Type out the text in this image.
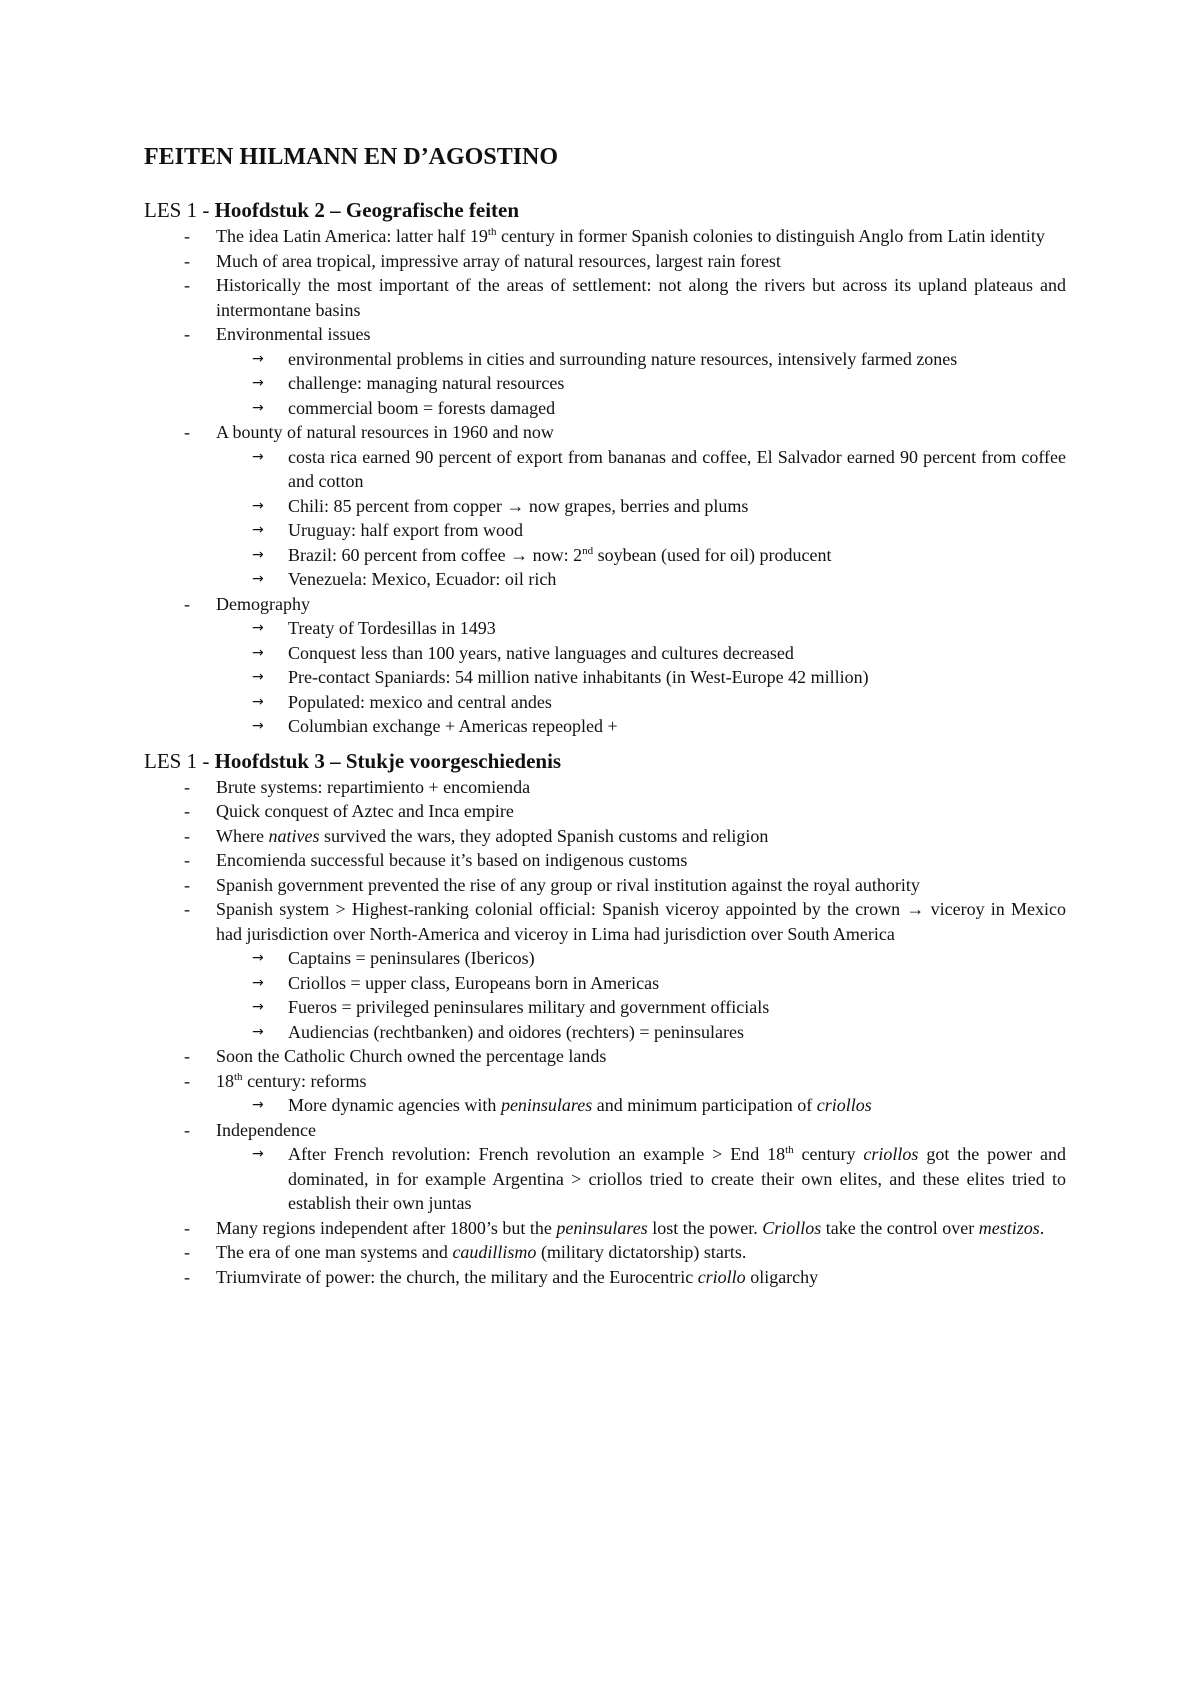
FEITEN HILMANN EN D’AGOSTINO
LES 1 - Hoofdstuk 2 – Geografische feiten
- The idea Latin America: latter half 19th century in former Spanish colonies to distinguish Anglo from Latin identity
- Much of area tropical, impressive array of natural resources, largest rain forest
- Historically the most important of the areas of settlement: not along the rivers but across its upland plateaus and intermontane basins
- Environmental issues
→ environmental problems in cities and surrounding nature resources, intensively farmed zones
→ challenge: managing natural resources
→ commercial boom = forests damaged
- A bounty of natural resources in 1960 and now
→ costa rica earned 90 percent of export from bananas and coffee, El Salvador earned 90 percent from coffee and cotton
→ Chili: 85 percent from copper → now grapes, berries and plums
→ Uruguay: half export from wood
→ Brazil: 60 percent from coffee → now: 2nd soybean (used for oil) producent
→ Venezuela: Mexico, Ecuador: oil rich
- Demography
→ Treaty of Tordesillas in 1493
→ Conquest less than 100 years, native languages and cultures decreased
→ Pre-contact Spaniards: 54 million native inhabitants (in West-Europe 42 million)
→ Populated: mexico and central andes
→ Columbian exchange + Americas repeopled +
LES 1 - Hoofdstuk 3 – Stukje voorgeschiedenis
- Brute systems: repartimiento + encomienda
- Quick conquest of Aztec and Inca empire
- Where natives survived the wars, they adopted Spanish customs and religion
- Encomienda successful because it’s based on indigenous customs
- Spanish government prevented the rise of any group or rival institution against the royal authority
- Spanish system > Highest-ranking colonial official: Spanish viceroy appointed by the crown → viceroy in Mexico had jurisdiction over North-America and viceroy in Lima had jurisdiction over South America
→ Captains = peninsulares (Ibericos)
→ Criollos = upper class, Europeans born in Americas
→ Fueros = privileged peninsulares military and government officials
→ Audiencias (rechtbanken) and oidores (rechters) = peninsulares
- Soon the Catholic Church owned the percentage lands
- 18th century: reforms
→ More dynamic agencies with peninsulares and minimum participation of criollos
- Independence
→ After French revolution: French revolution an example > End 18th century criollos got the power and dominated, in for example Argentina > criollos tried to create their own elites, and these elites tried to establish their own juntas
- Many regions independent after 1800’s but the peninsulares lost the power. Criollos take the control over mestizos.
- The era of one man systems and caudillismo (military dictatorship) starts.
- Triumvirate of power: the church, the military and the Eurocentric criollo oligarchy
